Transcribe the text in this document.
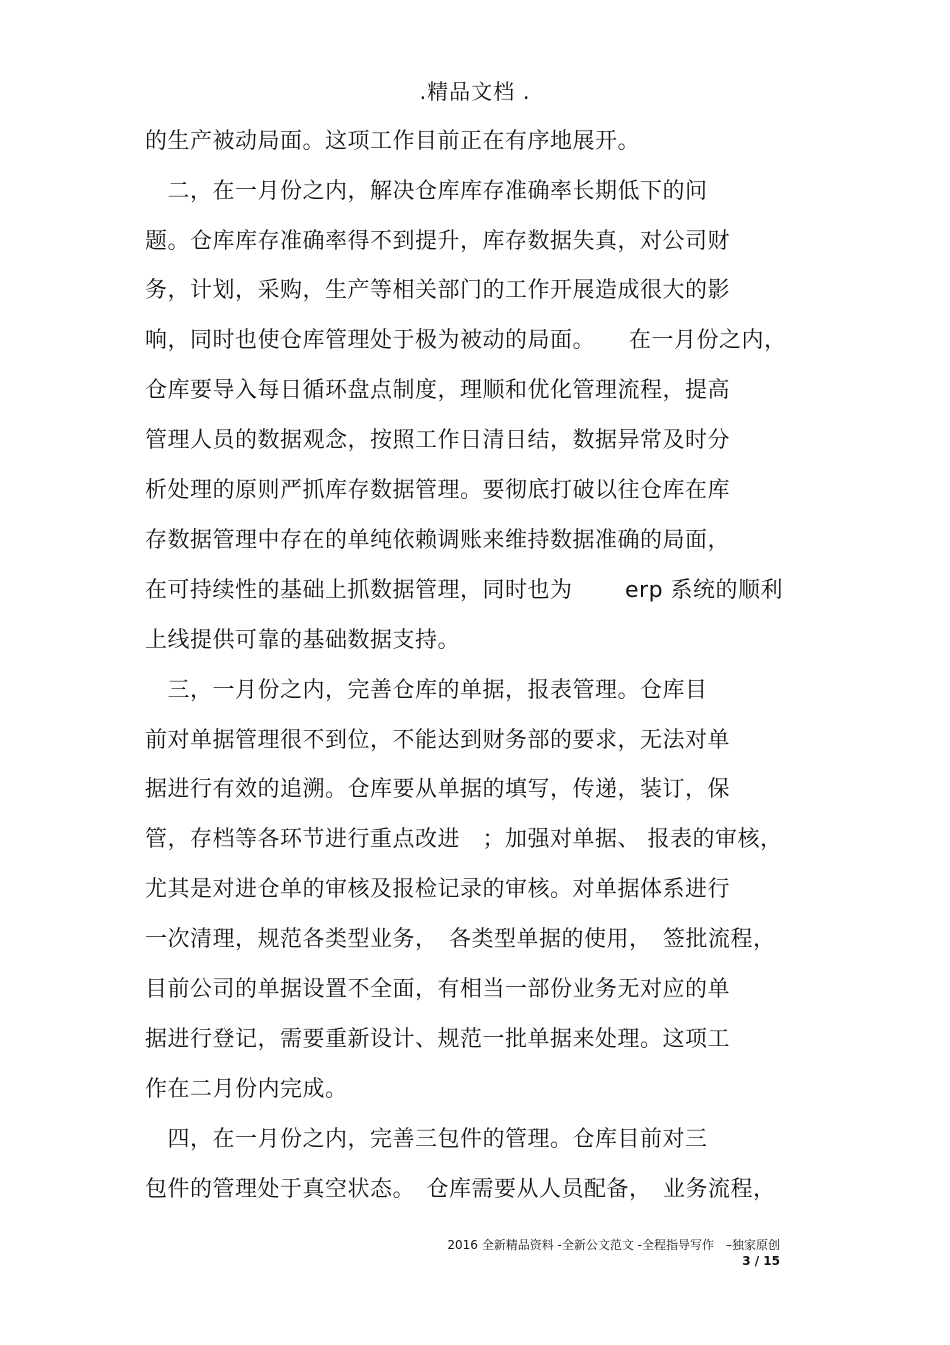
.精品文档 .
的生产被动局面。这项工作目前正在有序地展开。
　二，在一月份之内，解决仓库库存准确率长期低下的问
题。仓库库存准确率得不到提升，库存数据失真，对公司财
务，计划，采购，生产等相关部门的工作开展造成很大的影
响，同时也使仓库管理处于极为被动的局面。　　在一月份之内，
仓库要导入每日循环盘点制度，理顺和优化管理流程，提高
管理人员的数据观念，按照工作日清日结，数据异常及时分
析处理的原则严抓库存数据管理。要彻底打破以往仓库在库
存数据管理中存在的单纯依赖调账来维持数据准确的局面，
在可持续性的基础上抓数据管理，同时也为　　 erp 系统的顺利
上线提供可靠的基础数据支持。
　三，一月份之内，完善仓库的单据，报表管理。仓库目
前对单据管理很不到位，不能达到财务部的要求，无法对单
据进行有效的追溯。仓库要从单据的填写，传递，装订，保
管，存档等各环节进行重点改进　；加强对单据、 报表的审核，
尤其是对进仓单的审核及报检记录的审核。对单据体系进行
一次清理，规范各类型业务，　各类型单据的使用，　签批流程，
目前公司的单据设置不全面，有相当一部份业务无对应的单
据进行登记，需要重新设计、规范一批单据来处理。这项工
作在二月份内完成。
　四，在一月份之内，完善三包件的管理。仓库目前对三
包件的管理处于真空状态。　仓库需要从人员配备，　业务流程，
2016 全新精品资料 -全新公文范文 -全程指导写作　–独家原创
3 / 15
